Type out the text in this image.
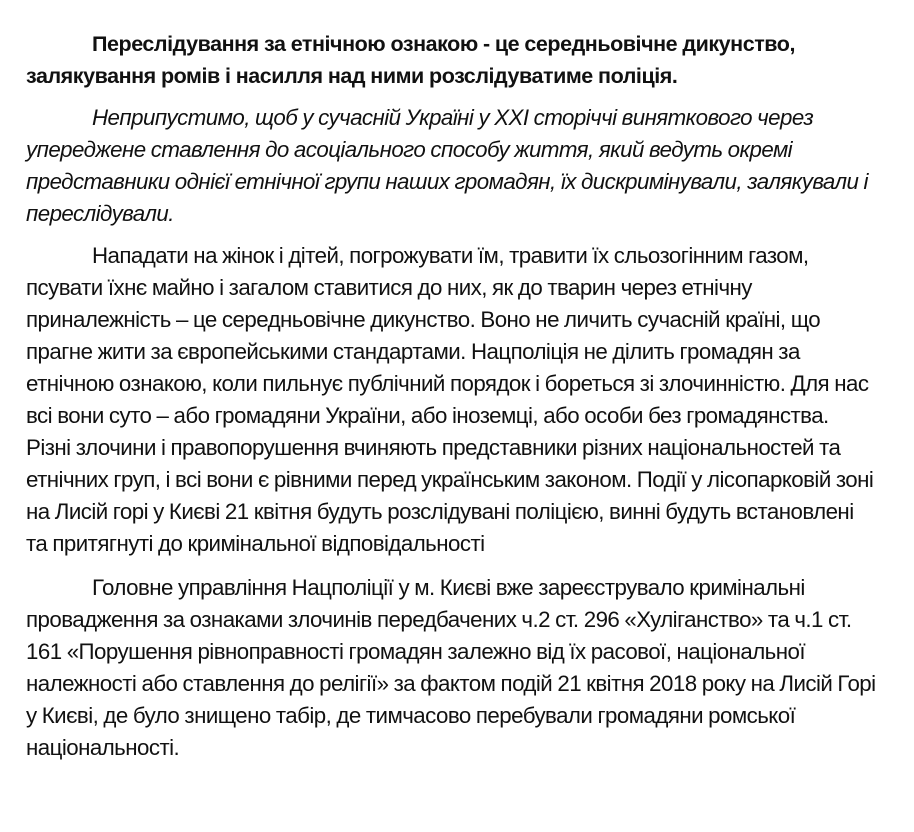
Переслідування за етнічною ознакою - це середньовічне дикунство,
залякування ромів і насилля над ними розслідуватиме поліція.
Неприпустимо, щоб у сучасній Україні у XXI сторіччі виняткового через
упереджене ставлення до асоціального способу життя, який ведуть окремі
представники однієї етнічної групи наших громадян, їх дискримінували, залякували і
переслідували.
Нападати на жінок і дітей, погрожувати їм, травити їх сльозогінним газом,
псувати їхнє майно і загалом ставитися до них, як до тварин через етнічну
приналежність – це середньовічне дикунство. Воно не личить сучасній країні, що
прагне жити за європейськими стандартами. Нацполіція не ділить громадян за
етнічною ознакою, коли пильнує публічний порядок і бореться зі злочинністю. Для нас
всі вони суто – або громадяни України, або іноземці, або особи без громадянства.
Різні злочини і правопорушення вчиняють представники різних національностей та
етнічних груп, і всі вони є рівними перед українським законом. Події у лісопарковій зоні
на Лисій горі у Києві 21 квітня будуть розслідувані поліцією, винні будуть встановлені
та притягнуті до кримінальної відповідальності
Головне управління Нацполіції у м. Києві вже зареєструвало кримінальні
провадження за ознаками злочинів передбачених ч.2 ст. 296 «Хуліганство» та ч.1 ст.
161 «Порушення рівноправності громадян залежно від їх расової, національної
належності або ставлення до релігії» за фактом подій 21 квітня 2018 року на Лисій Горі
у Києві, де було знищено табір, де тимчасово перебували громадяни ромської
національності.
